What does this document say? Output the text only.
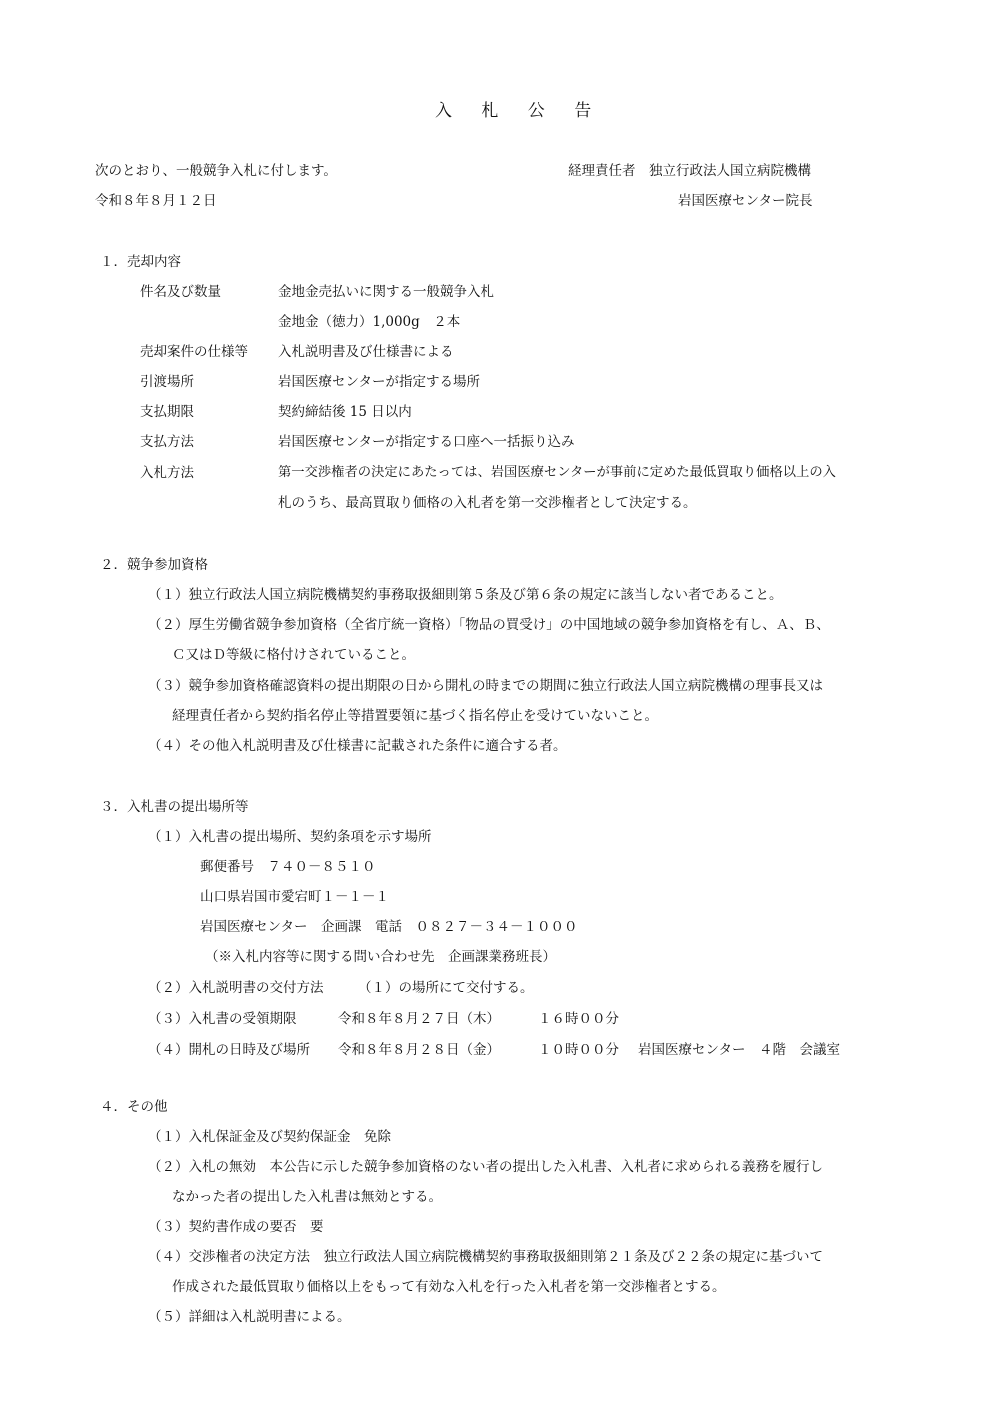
入 札 公 告
次のとおり、一般競争入札に付します。
令和８年８月１２日
経理責任者　独立行政法人国立病院機構
岩国医療センター院長
１．売却内容
件名及び数量	金地金売払いに関する一般競争入札
金地金（徳力）1,000g　２本
売却案件の仕様等 入札説明書及び仕様書による
引渡場所	岩国医療センターが指定する場所
支払期限	契約締結後 15 日以内
支払方法	岩国医療センターが指定する口座へ一括振り込み
入札方法	第一交渉権者の決定にあたっては、岩国医療センターが事前に定めた最低買取り価格以上の入
札のうち、最高買取り価格の入札者を第一交渉権者として決定する。
２．競争参加資格
（１）独立行政法人国立病院機構契約事務取扱細則第５条及び第６条の規定に該当しない者であること。
（２）厚生労働省競争参加資格（全省庁統一資格）「物品の買受け」の中国地域の競争参加資格を有し、Ａ、Ｂ、
Ｃ又はＤ等級に格付けされていること。
（３）競争参加資格確認資料の提出期限の日から開札の時までの期間に独立行政法人国立病院機構の理事長又は
経理責任者から契約指名停止等措置要領に基づく指名停止を受けていないこと。
（４）その他入札説明書及び仕様書に記載された条件に適合する者。
３．入札書の提出場所等
（１）入札書の提出場所、契約条項を示す場所
郵便番号　７４０－８５１０
山口県岩国市愛宕町１－１－１
岩国医療センター　企画課　電話　０８２７－３４－１０００
（※入札内容等に関する問い合わせ先　企画課業務班長）
（２）入札説明書の交付方法	（１）の場所にて交付する。
（３）入札書の受領期限	令和８年８月２７日（木）	１６時００分
（４）開札の日時及び場所 令和８年８月２８日（金）	１０時００分 岩国医療センター　４階　会議室
４．その他
（１）入札保証金及び契約保証金　免除
（２）入札の無効　本公告に示した競争参加資格のない者の提出した入札書、入札者に求められる義務を履行し
なかった者の提出した入札書は無効とする。
（３）契約書作成の要否　要
（４）交渉権者の決定方法　独立行政法人国立病院機構契約事務取扱細則第２１条及び２２条の規定に基づいて
作成された最低買取り価格以上をもって有効な入札を行った入札者を第一交渉権者とする。
（５）詳細は入札説明書による。
